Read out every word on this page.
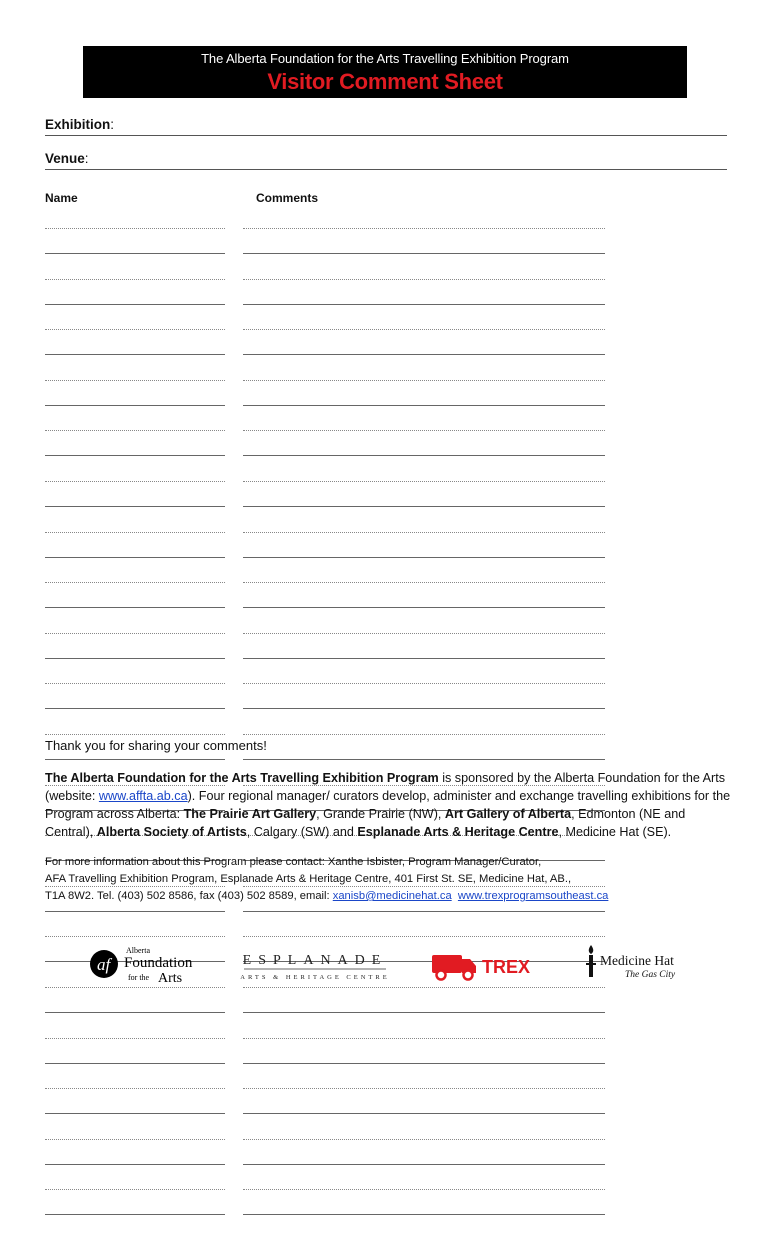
The Alberta Foundation for the Arts Travelling Exhibition Program
Visitor Comment Sheet
Exhibition:
Venue:
Name	Comments
Thank you for sharing your comments!
The Alberta Foundation for the Arts Travelling Exhibition Program is sponsored by the Alberta Foundation for the Arts (website: www.affta.ab.ca). Four regional manager/ curators develop, administer and exchange travelling exhibitions for the Program across Alberta: The Prairie Art Gallery, Grande Prairie (NW), Art Gallery of Alberta, Edmonton (NE and Central), Alberta Society of Artists, Calgary (SW) and Esplanade Arts & Heritage Centre, Medicine Hat (SE).
For more information about this Program please contact: Xanthe Isbister, Program Manager/Curator,
AFA Travelling Exhibition Program, Esplanade Arts & Heritage Centre, 401 First St. SE, Medicine Hat, AB.,
T1A 8W2. Tel. (403) 502 8586, fax (403) 502 8589, email: xanisb@medicinehat.ca www.trexprogramsoutheast.ca
af
Alberta
Foundation
for the Arts
ESPLANADE
ARTS & HERITAGE CENTRE
TREX	Medicine Hat
The Gas City
